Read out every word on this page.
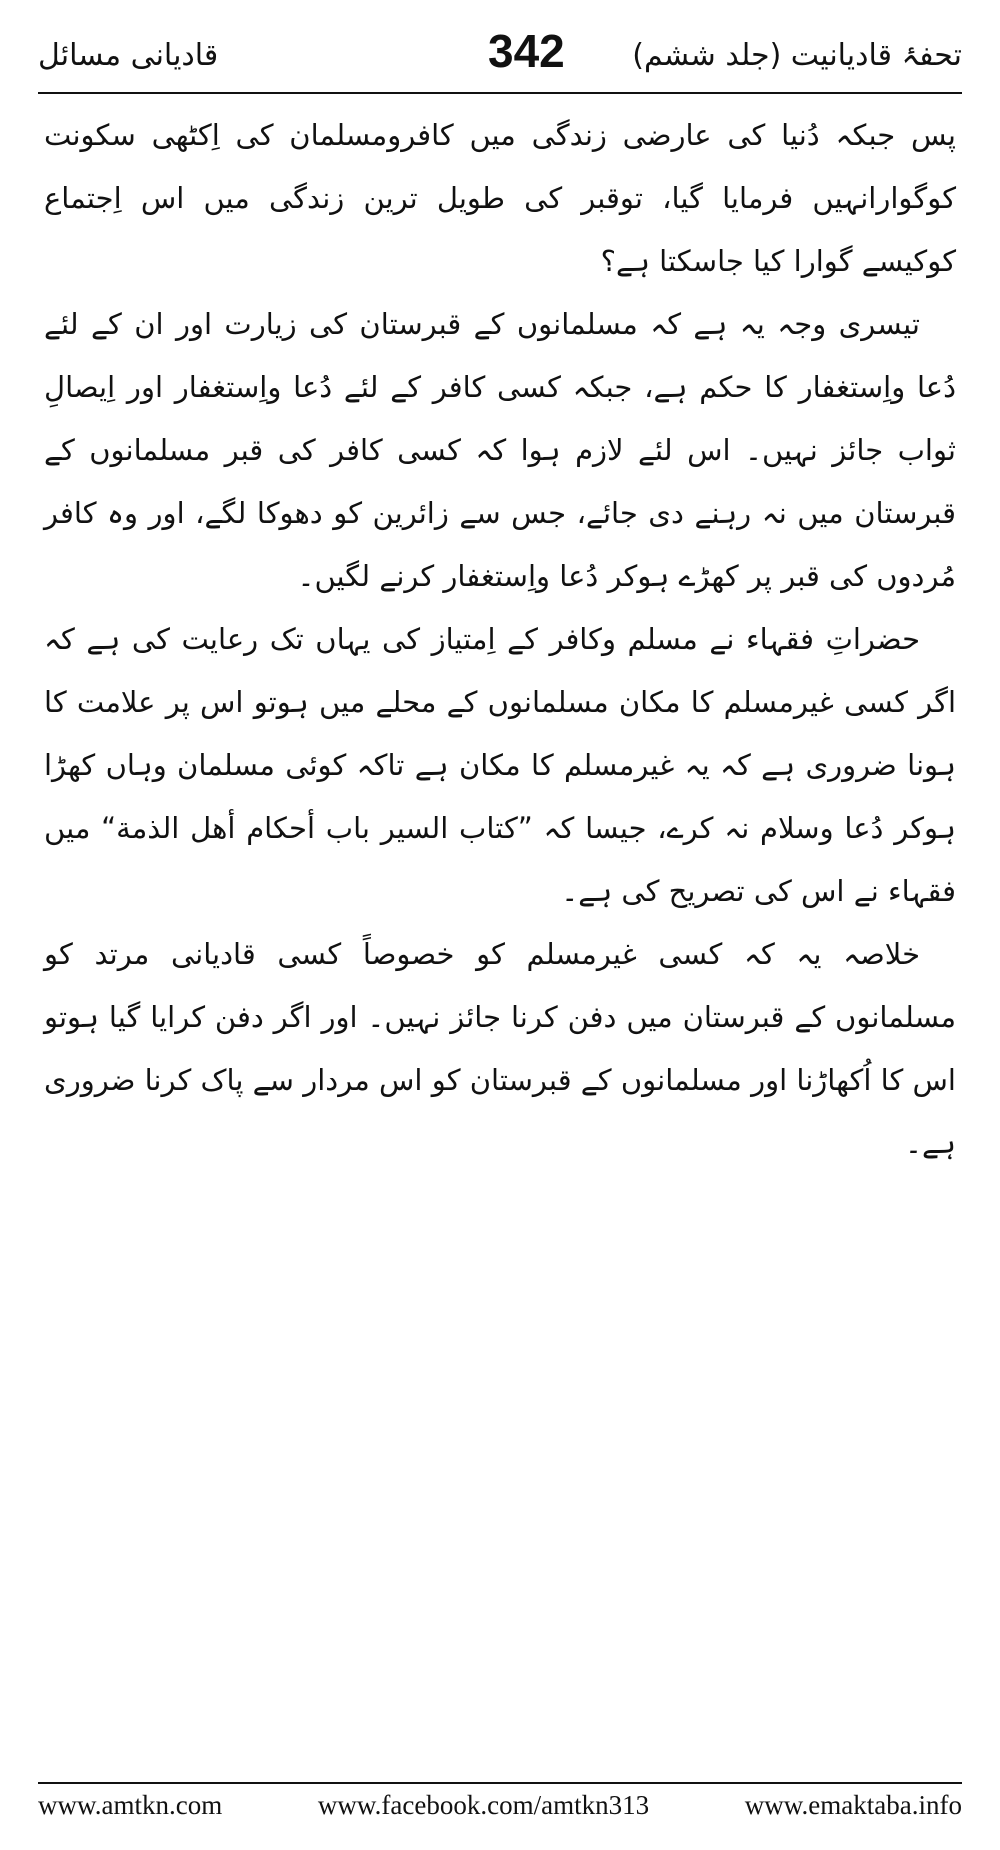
قادیانی مسائل	342 تحفۂ قادیانیت (جلد ششم)

پس جبکہ دُنیا کی عارضی زندگی میں کافرومسلمان کی اِکٹھی سکونت کوگوارانہیں فرمایا گیا، توقبر کی طویل ترین زندگی میں اس اِجتماع کوکیسے گوارا کیا جاسکتا ہے؟

تیسری وجہ یہ ہے کہ مسلمانوں کے قبرستان کی زیارت اور ان کے لئے دُعا واِستغفار کا حکم ہے، جبکہ کسی کافر کے لئے دُعا واِستغفار اور اِیصالِ ثواب جائز نہیں۔ اس لئے لازم ہوا کہ کسی کافر کی قبر مسلمانوں کے قبرستان میں نہ رہنے دی جائے، جس سے زائرین کو دھوکا لگے، اور وہ کافر مُردوں کی قبر پر کھڑے ہوکر دُعا واِستغفار کرنے لگیں۔

حضراتِ فقہاء نے مسلم وکافر کے اِمتیاز کی یہاں تک رعایت کی ہے کہ اگر کسی غیرمسلم کا مکان مسلمانوں کے محلے میں ہوتو اس پر علامت کا ہونا ضروری ہے کہ یہ غیرمسلم کا مکان ہے تاکہ کوئی مسلمان وہاں کھڑا ہوکر دُعا وسلام نہ کرے، جیسا کہ ”کتاب السیر باب أحکام أهل الذمة“ میں فقہاء نے اس کی تصریح کی ہے۔

خلاصہ یہ کہ کسی غیرمسلم کو خصوصاً کسی قادیانی مرتد کو مسلمانوں کے قبرستان میں دفن کرنا جائز نہیں۔ اور اگر دفن کرایا گیا ہوتو اس کا اُکھاڑنا اور مسلمانوں کے قبرستان کو اس مردار سے پاک کرنا ضروری ہے۔

www.amtkn.com	www.facebook.com/amtkn313	www.emaktaba.info
